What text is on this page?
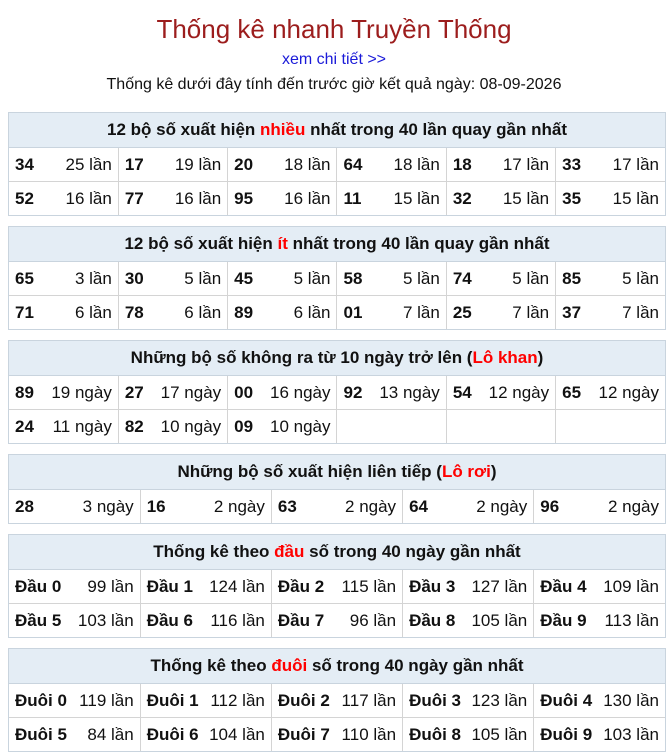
Thống kê nhanh Truyền Thống
xem chi tiết >>
Thống kê dưới đây tính đến trước giờ kết quả ngày: 08-09-2026
12 bộ số xuất hiện nhiều nhất trong 40 lần quay gần nhất
34 25 lần	17 19 lần	20 18 lần	64 18 lần	18 17 lần	33 17 lần

52 16 lần	77 16 lần	95 16 lần	11 15 lần	32 15 lần	35 15 lần
12 bộ số xuất hiện ít nhất trong 40 lần quay gần nhất
65 3 lần	30 5 lần	45 5 lần	58 5 lần	74 5 lần	85 5 lần

71 6 lần	78 6 lần	89 6 lần	01 7 lần	25 7 lần	37 7 lần
Những bộ số không ra từ 10 ngày trở lên (Lô khan)
89 19 ngày	27 17 ngày	00 16 ngày	92 13 ngày	54 12 ngày	65 12 ngày

24 11 ngày	82 10 ngày	09 10 ngày			

Những bộ số xuất hiện liên tiếp (Lô rơi)
28	3 ngày	16	2 ngày	63	2 ngày	64	2 ngày	96	2 ngày
Thống kê theo đầu số trong 40 ngày gần nhất
Đầu 0 99 lần	Đầu 1 124 lần	Đầu 2 115 lần	Đầu 3 127 lần	Đầu 4 109 lần

Đầu 5 103 lần	Đầu 6 116 lần	Đầu 7 96 lần	Đầu 8 105 lần	Đầu 9 113 lần
Thống kê theo đuôi số trong 40 ngày gần nhất
Đuôi 0 119 lần	Đuôi 1 112 lần	Đuôi 2 117 lần	Đuôi 3 123 lần	Đuôi 4 130 lần

Đuôi 5 84 lần	Đuôi 6 104 lần	Đuôi 7 110 lần	Đuôi 8 105 lần	Đuôi 9 103 lần
